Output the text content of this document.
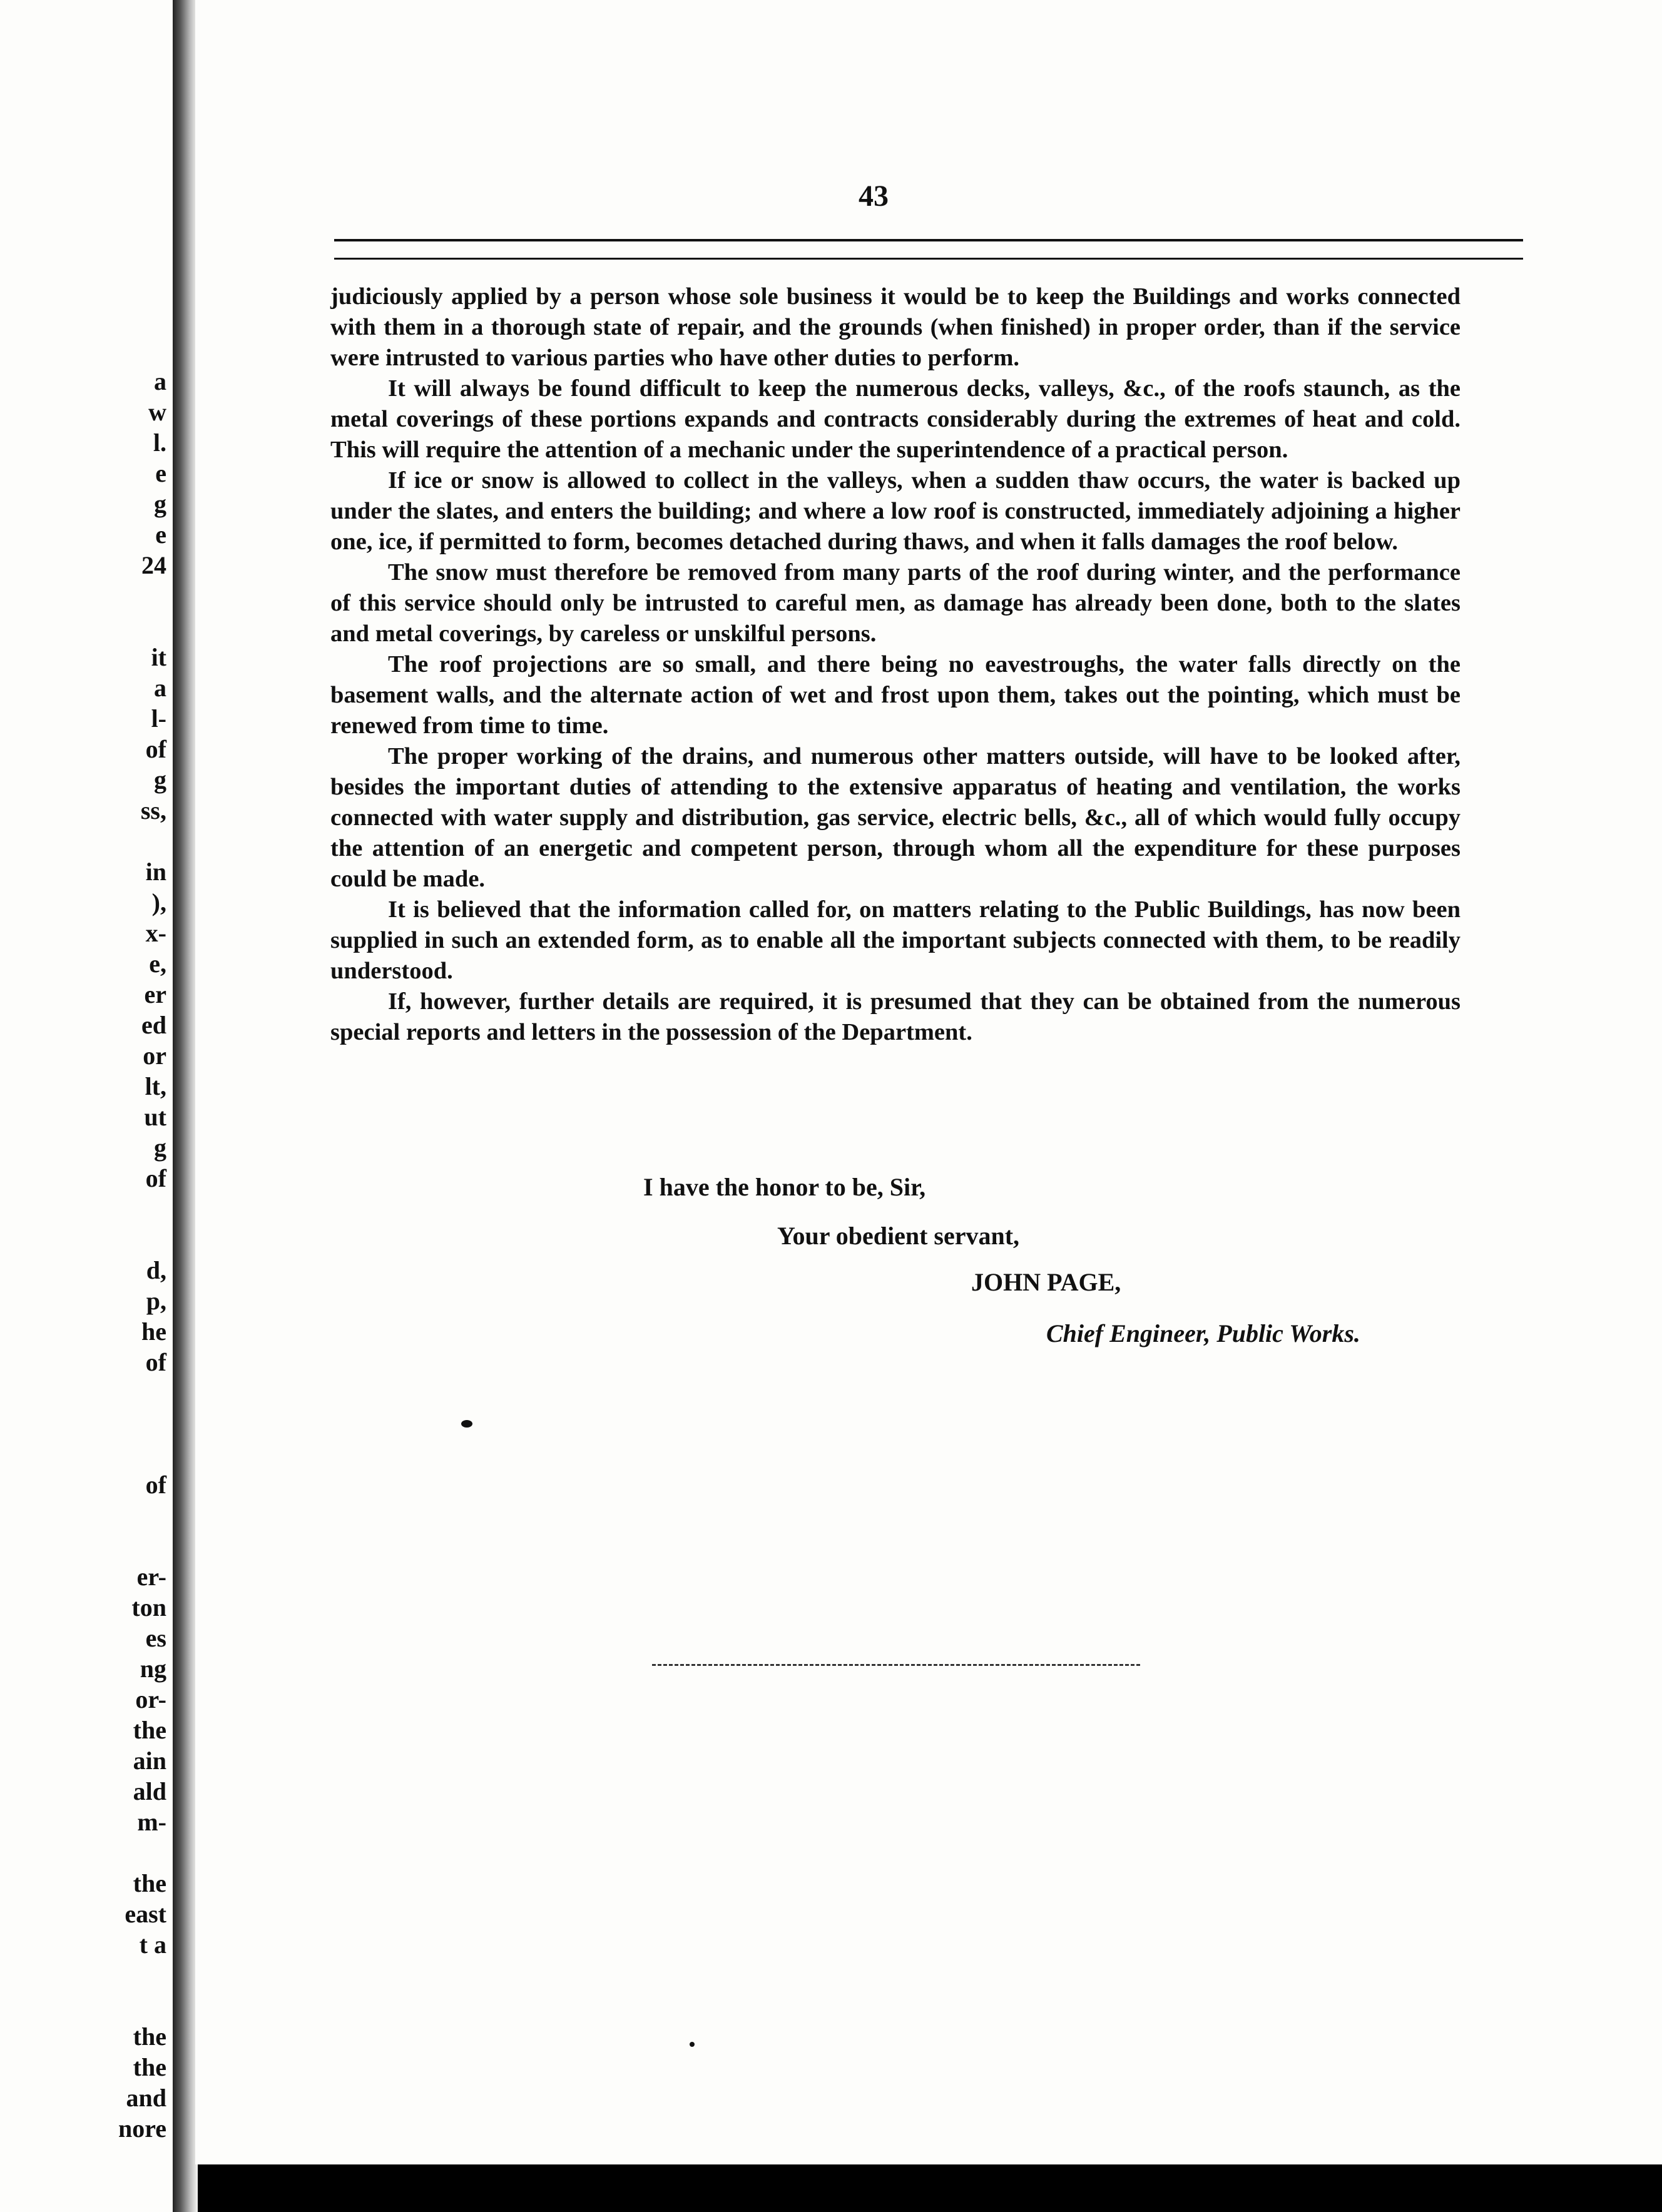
a
w
l.
e
g
e
24
it
a
l-
of
g
ss,
in
),
x-
e,
er
ed
or
lt,
ut
g
of
d,
p,
he
of
of
er-
ton
es
ng
or-
the
ain
ald
m-
the
east
t a
the
the
and
nore
43

judiciously applied by a person whose sole business it would be to keep the Buildings and works connected with them in a thorough state of repair, and the grounds (when finished) in proper order, than if the service were intrusted to various parties who have other duties to perform.

It will always be found difficult to keep the numerous decks, valleys, &c., of the roofs staunch, as the metal coverings of these portions expands and contracts considerably during the extremes of heat and cold. This will require the attention of a mechanic under the superintendence of a practical person.

If ice or snow is allowed to collect in the valleys, when a sudden thaw occurs, the water is backed up under the slates, and enters the building; and where a low roof is constructed, immediately adjoining a higher one, ice, if permitted to form, becomes detached during thaws, and when it falls damages the roof below.

The snow must therefore be removed from many parts of the roof during winter, and the performance of this service should only be intrusted to careful men, as damage has already been done, both to the slates and metal coverings, by careless or unskilful persons.

The roof projections are so small, and there being no eavestroughs, the water falls directly on the basement walls, and the alternate action of wet and frost upon them, takes out the pointing, which must be renewed from time to time.

The proper working of the drains, and numerous other matters outside, will have to be looked after, besides the important duties of attending to the extensive apparatus of heating and ventilation, the works connected with water supply and distribution, gas service, electric bells, &c., all of which would fully occupy the attention of an energetic and competent person, through whom all the expenditure for these purposes could be made.

It is believed that the information called for, on matters relating to the Public Buildings, has now been supplied in such an extended form, as to enable all the important subjects connected with them, to be readily understood.

If, however, further details are required, it is presumed that they can be obtained from the numerous special reports and letters in the possession of the Department.

I have the honor to be, Sir,
Your obedient servant,
JOHN PAGE,
Chief Engineer, Public Works.
